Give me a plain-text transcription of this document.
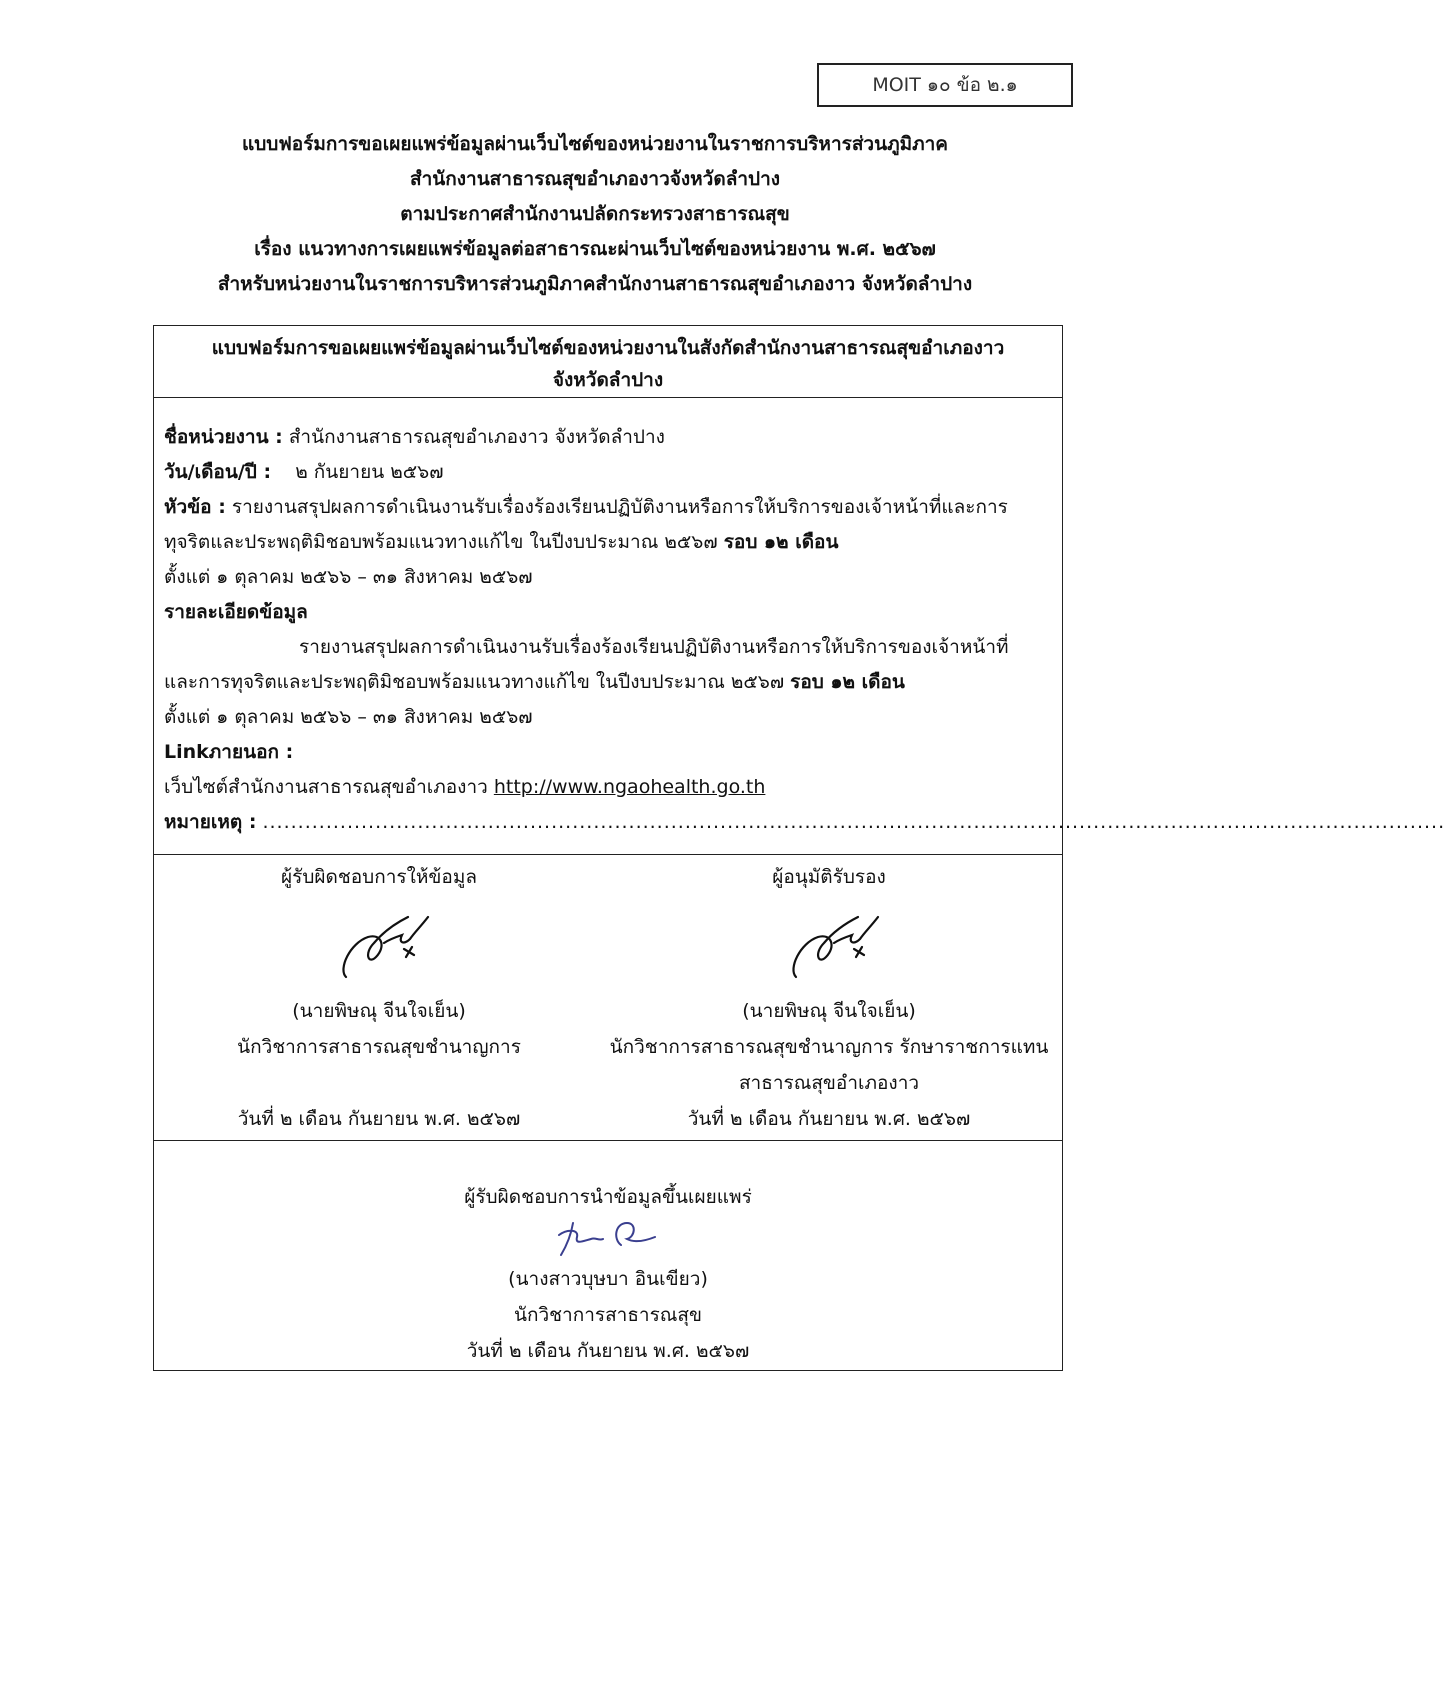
MOIT ๑๐ ข้อ ๒.๑
แบบฟอร์มการขอเผยแพร่ข้อมูลผ่านเว็บไซต์ของหน่วยงานในราชการบริหารส่วนภูมิภาค
สำนักงานสาธารณสุขอำเภองาวจังหวัดลำปาง
ตามประกาศสำนักงานปลัดกระทรวงสาธารณสุข
เรื่อง แนวทางการเผยแพร่ข้อมูลต่อสาธารณะผ่านเว็บไซต์ของหน่วยงาน พ.ศ. ๒๕๖๗
สำหรับหน่วยงานในราชการบริหารส่วนภูมิภาคสำนักงานสาธารณสุขอำเภองาว จังหวัดลำปาง
แบบฟอร์มการขอเผยแพร่ข้อมูลผ่านเว็บไซต์ของหน่วยงานในสังกัดสำนักงานสาธารณสุขอำเภองาว
จังหวัดลำปาง
ชื่อหน่วยงาน : สำนักงานสาธารณสุขอำเภองาว จังหวัดลำปาง
วัน/เดือน/ปี : ๒ กันยายน ๒๕๖๗
หัวข้อ : รายงานสรุปผลการดำเนินงานรับเรื่องร้องเรียนปฏิบัติงานหรือการให้บริการของเจ้าหน้าที่และการ
ทุจริตและประพฤติมิชอบพร้อมแนวทางแก้ไข ในปีงบประมาณ ๒๕๖๗ รอบ ๑๒ เดือน
ตั้งแต่ ๑ ตุลาคม ๒๕๖๖ – ๓๑ สิงหาคม ๒๕๖๗
รายละเอียดข้อมูล
รายงานสรุปผลการดำเนินงานรับเรื่องร้องเรียนปฏิบัติงานหรือการให้บริการของเจ้าหน้าที่
และการทุจริตและประพฤติมิชอบพร้อมแนวทางแก้ไข ในปีงบประมาณ ๒๕๖๗ รอบ ๑๒ เดือน
ตั้งแต่ ๑ ตุลาคม ๒๕๖๖ – ๓๑ สิงหาคม ๒๕๖๗
Linkภายนอก :
เว็บไซต์สำนักงานสาธารณสุขอำเภองาว http://www.ngaohealth.go.th
หมายเหตุ : ........................................................................................................................................................................
ผู้รับผิดชอบการให้ข้อมูล
(นายพิษณุ จีนใจเย็น)
นักวิชาการสาธารณสุขชำนาญการ
วันที่ ๒ เดือน กันยายน พ.ศ. ๒๕๖๗
ผู้อนุมัติรับรอง
(นายพิษณุ จีนใจเย็น)
นักวิชาการสาธารณสุขชำนาญการ รักษาราชการแทน
สาธารณสุขอำเภองาว
วันที่ ๒ เดือน กันยายน พ.ศ. ๒๕๖๗
ผู้รับผิดชอบการนำข้อมูลขึ้นเผยแพร่
(นางสาวบุษบา อินเขียว)
นักวิชาการสาธารณสุข
วันที่ ๒ เดือน กันยายน พ.ศ. ๒๕๖๗
